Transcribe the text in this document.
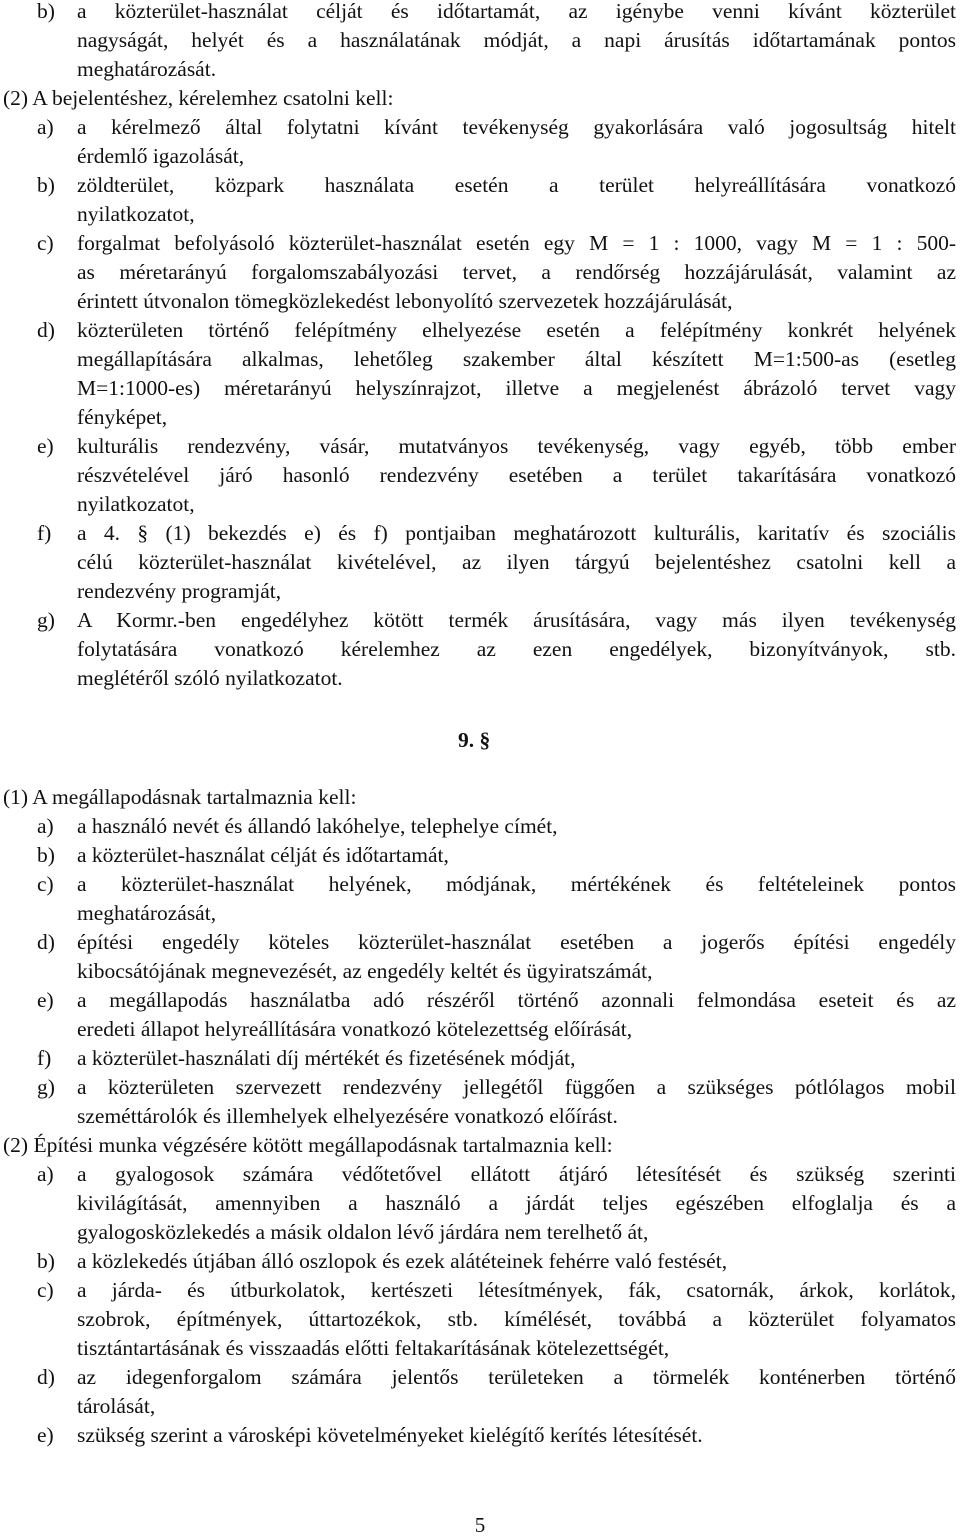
b) a közterület-használat célját és időtartamát, az igénybe venni kívánt közterület
nagyságát, helyét és a használatának módját, a napi árusítás időtartamának pontos
meghatározását.
(2) A bejelentéshez, kérelemhez csatolni kell:
a) a kérelmező által folytatni kívánt tevékenység gyakorlására való jogosultság hitelt
érdemlő igazolását,
b) zöldterület, közpark használata esetén a terület helyreállítására vonatkozó
nyilatkozatot,
c) forgalmat befolyásoló közterület-használat esetén egy M = 1 : 1000, vagy M = 1 : 500-
as méretarányú forgalomszabályozási tervet, a rendőrség hozzájárulását, valamint az
érintett útvonalon tömegközlekedést lebonyolító szervezetek hozzájárulását,
d) közterületen történő felépítmény elhelyezése esetén a felépítmény konkrét helyének
megállapítására alkalmas, lehetőleg szakember által készített M=1:500-as (esetleg
M=1:1000-es) méretarányú helyszínrajzot, illetve a megjelenést ábrázoló tervet vagy
fényképet,
e) kulturális rendezvény, vásár, mutatványos tevékenység, vagy egyéb, több ember
részvételével járó hasonló rendezvény esetében a terület takarítására vonatkozó
nyilatkozatot,
f) a 4. § (1) bekezdés e) és f) pontjaiban meghatározott kulturális, karitatív és szociális
célú közterület-használat kivételével, az ilyen tárgyú bejelentéshez csatolni kell a
rendezvény programját,
g) A Kormr.-ben engedélyhez kötött termék árusítására, vagy más ilyen tevékenység
folytatására vonatkozó kérelemhez az ezen engedélyek, bizonyítványok, stb.
meglétéről szóló nyilatkozatot.
9. §
(1) A megállapodásnak tartalmaznia kell:
a) a használó nevét és állandó lakóhelye, telephelye címét,
b) a közterület-használat célját és időtartamát,
c) a közterület-használat helyének, módjának, mértékének és feltételeinek pontos
meghatározását,
d) építési engedély köteles közterület-használat esetében a jogerős építési engedély
kibocsátójának megnevezését, az engedély keltét és ügyiratszámát,
e) a megállapodás használatba adó részéről történő azonnali felmondása eseteit és az
eredeti állapot helyreállítására vonatkozó kötelezettség előírását,
f) a közterület-használati díj mértékét és fizetésének módját,
g) a közterületen szervezett rendezvény jellegétől függően a szükséges pótlólagos mobil
szeméttárolók és illemhelyek elhelyezésére vonatkozó előírást.
(2) Építési munka végzésére kötött megállapodásnak tartalmaznia kell:
a) a gyalogosok számára védőtetővel ellátott átjáró létesítését és szükség szerinti
kivilágítását, amennyiben a használó a járdát teljes egészében elfoglalja és a
gyalogosközlekedés a másik oldalon lévő járdára nem terelhető át,
b) a közlekedés útjában álló oszlopok és ezek alátéteinek fehérre való festését,
c) a járda- és útburkolatok, kertészeti létesítmények, fák, csatornák, árkok, korlátok,
szobrok, építmények, úttartozékok, stb. kímélését, továbbá a közterület folyamatos
tisztántartásának és visszaadás előtti feltakarításának kötelezettségét,
d) az idegenforgalom számára jelentős területeken a törmelék konténerben történő
tárolását,
e) szükség szerint a városképi követelményeket kielégítő kerítés létesítését.
5
